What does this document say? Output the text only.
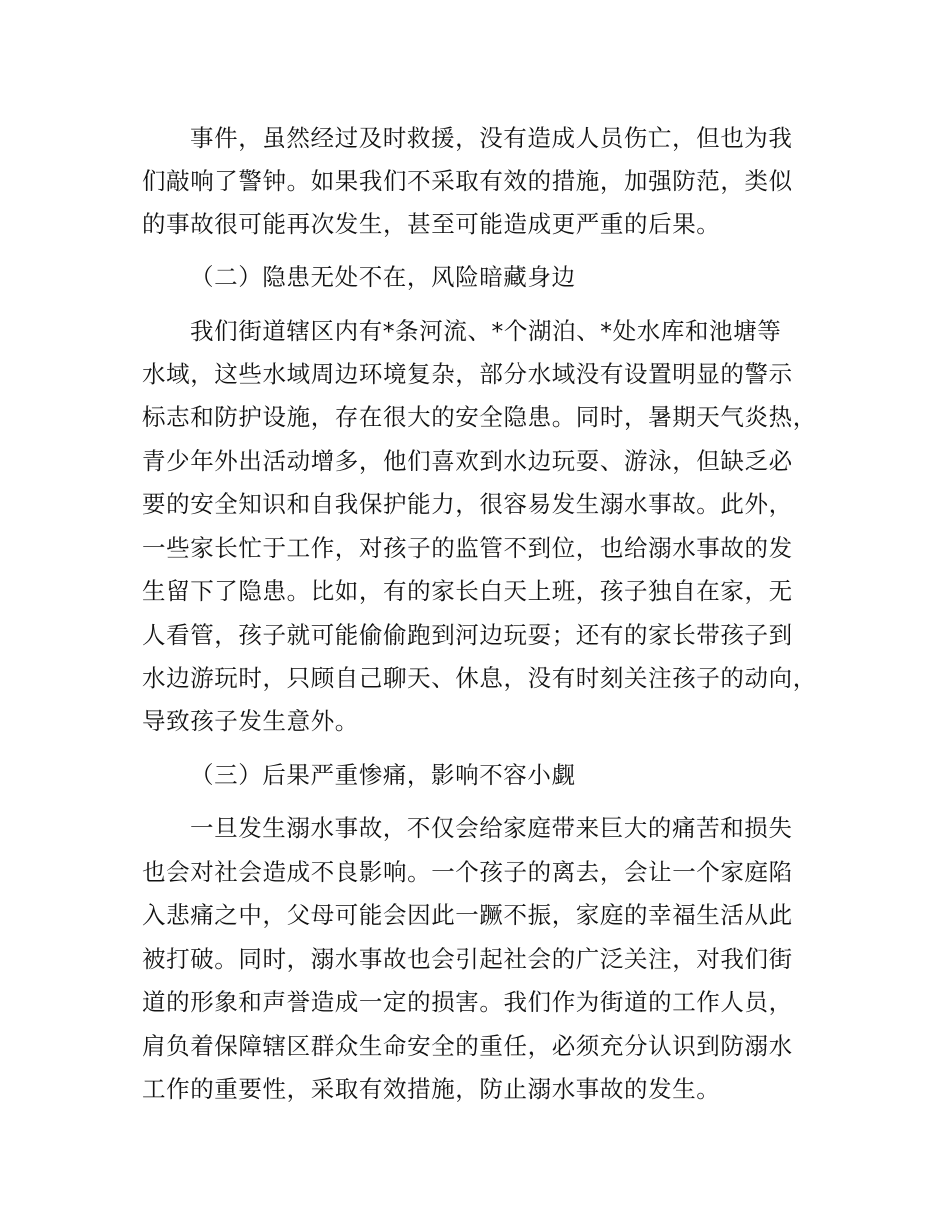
事件，虽然经过及时救援，没有造成人员伤亡，但也为我

们敲响了警钟。如果我们不采取有效的措施，加强防范，类似

的事故很可能再次发生，甚至可能造成更严重的后果。

（二）隐患无处不在，风险暗藏身边

我们街道辖区内有*条河流、*个湖泊、*处水库和池塘等

水域，这些水域周边环境复杂，部分水域没有设置明显的警示

标志和防护设施，存在很大的安全隐患。同时，暑期天气炎热，

青少年外出活动增多，他们喜欢到水边玩耍、游泳，但缺乏必

要的安全知识和自我保护能力，很容易发生溺水事故。此外，

一些家长忙于工作，对孩子的监管不到位，也给溺水事故的发

生留下了隐患。比如，有的家长白天上班，孩子独自在家，无

人看管，孩子就可能偷偷跑到河边玩耍；还有的家长带孩子到

水边游玩时，只顾自己聊天、休息，没有时刻关注孩子的动向，

导致孩子发生意外。

（三）后果严重惨痛，影响不容小觑

一旦发生溺水事故，不仅会给家庭带来巨大的痛苦和损失

也会对社会造成不良影响。一个孩子的离去，会让一个家庭陷

入悲痛之中，父母可能会因此一蹶不振，家庭的幸福生活从此

被打破。同时，溺水事故也会引起社会的广泛关注，对我们街

道的形象和声誉造成一定的损害。我们作为街道的工作人员，

肩负着保障辖区群众生命安全的重任，必须充分认识到防溺水

工作的重要性，采取有效措施，防止溺水事故的发生。
